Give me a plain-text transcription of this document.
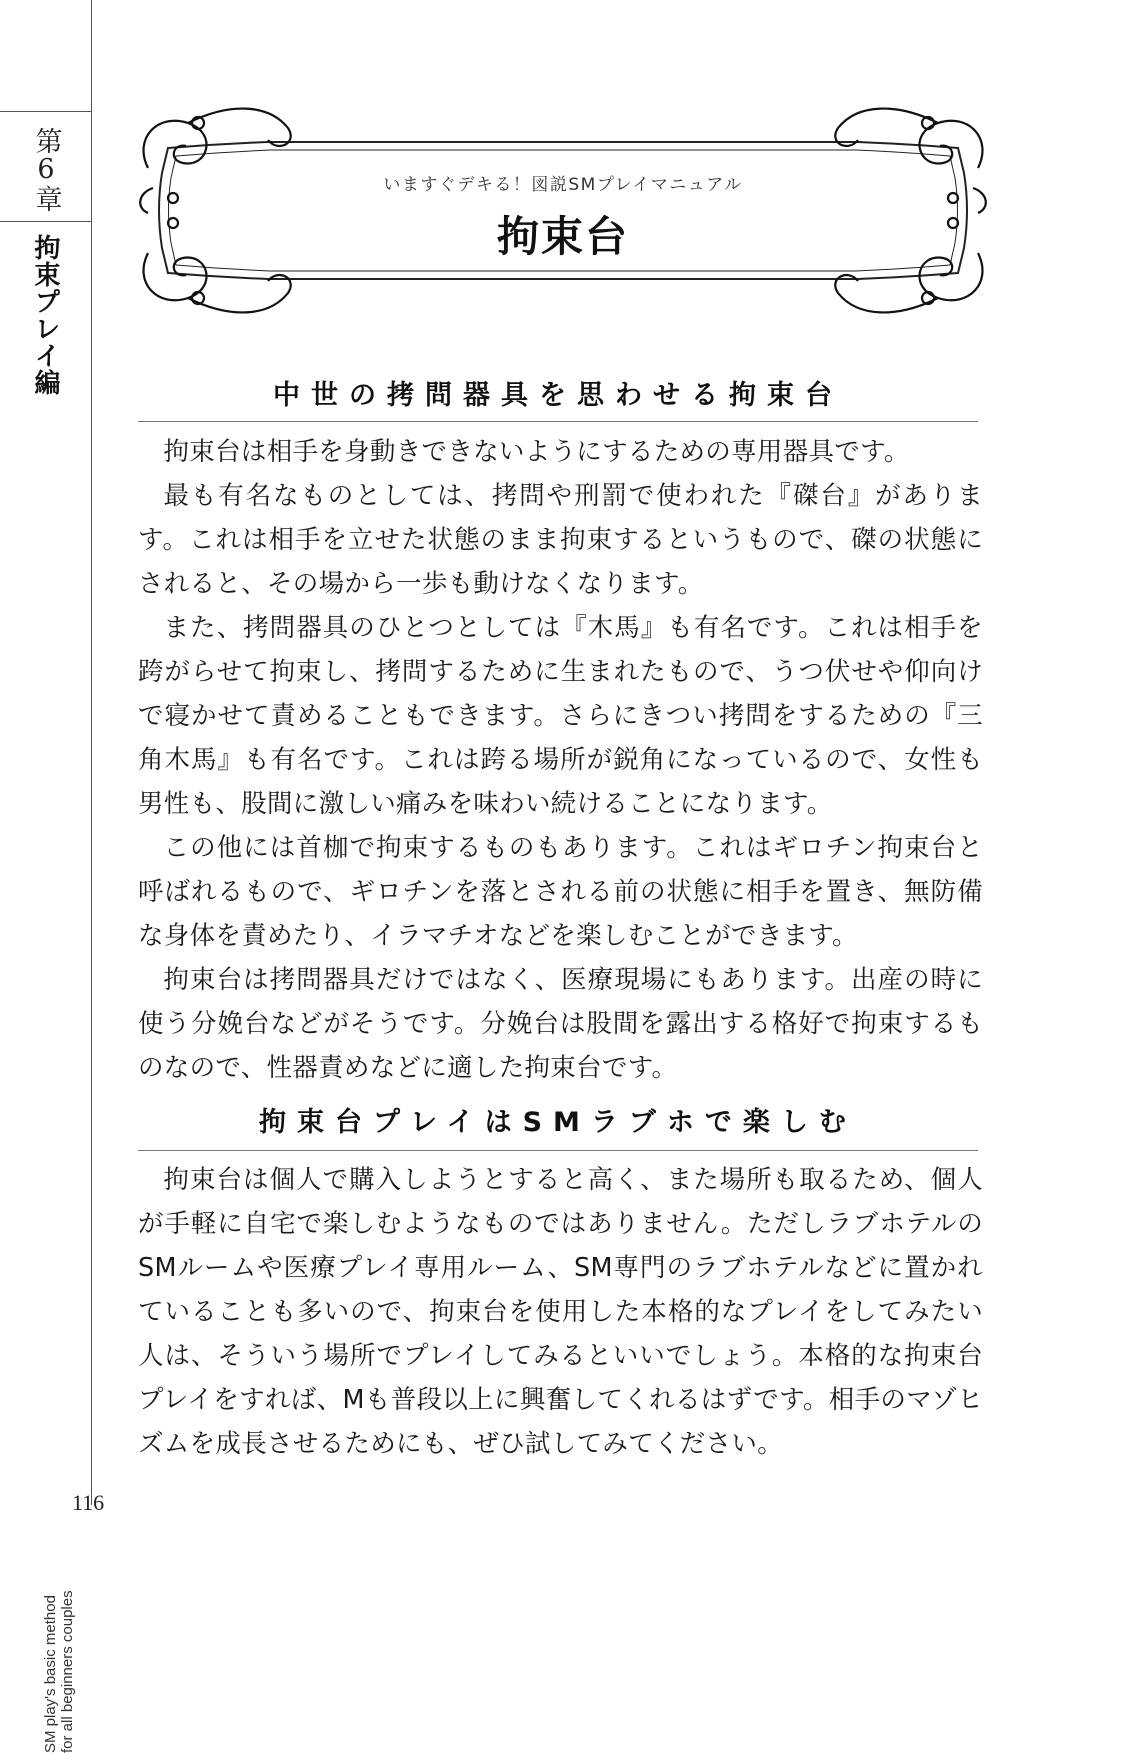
第6章
拘束プレイ編
SM play's basic method
for all beginners couples
116
いますぐデキる！図説SMプレイマニュアル
拘束台
中世の拷問器具を思わせる拘束台

拘束台は相手を身動きできないようにするための専用器具です。

最も有名なものとしては、拷問や刑罰で使われた『磔台』があります。これは相手を立せた状態のまま拘束するというもので、磔の状態にされると、その場から一歩も動けなくなります。

また、拷問器具のひとつとしては『木馬』も有名です。これは相手を跨がらせて拘束し、拷問するために生まれたもので、うつ伏せや仰向けで寝かせて責めることもできます。さらにきつい拷問をするための『三角木馬』も有名です。これは跨る場所が鋭角になっているので、女性も男性も、股間に激しい痛みを味わい続けることになります。

この他には首枷で拘束するものもあります。これはギロチン拘束台と呼ばれるもので、ギロチンを落とされる前の状態に相手を置き、無防備な身体を責めたり、イラマチオなどを楽しむことができます。

拘束台は拷問器具だけではなく、医療現場にもあります。出産の時に使う分娩台などがそうです。分娩台は股間を露出する格好で拘束するものなので、性器責めなどに適した拘束台です。

拘束台プレイはSMラブホで楽しむ

拘束台は個人で購入しようとすると高く、また場所も取るため、個人が手軽に自宅で楽しむようなものではありません。ただしラブホテルのSMルームや医療プレイ専用ルーム、SM専門のラブホテルなどに置かれていることも多いので、拘束台を使用した本格的なプレイをしてみたい人は、そういう場所でプレイしてみるといいでしょう。本格的な拘束台プレイをすれば、Mも普段以上に興奮してくれるはずです。相手のマゾヒズムを成長させるためにも、ぜひ試してみてください。
